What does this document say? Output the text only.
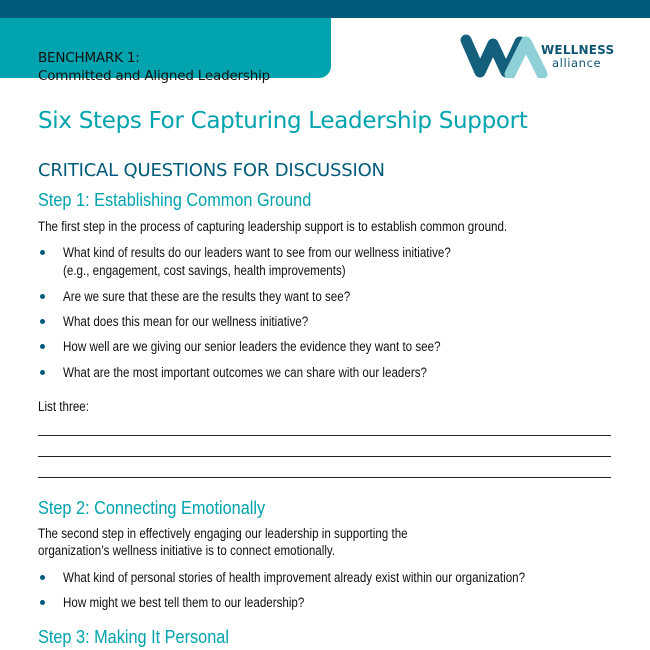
BENCHMARK 1:
Committed and Aligned Leadership
WELLNESS
alliance
Six Steps For Capturing Leadership Support
CRITICAL QUESTIONS FOR DISCUSSION
Step 1: Establishing Common Ground

The first step in the process of capturing leadership support is to establish common ground.

What kind of results do our leaders want to see from our wellness initiative?
(e.g., engagement, cost savings, health improvements)
Are we sure that these are the results they want to see?
What does this mean for our wellness initiative?
How well are we giving our senior leaders the evidence they want to see?
What are the most important outcomes we can share with our leaders?

List three:

Step 2: Connecting Emotionally

The second step in effectively engaging our leadership in supporting the

organization’s wellness initiative is to connect emotionally.

What kind of personal stories of health improvement already exist within our organization?
How might we best tell them to our leadership?
Step 3: Making It Personal
